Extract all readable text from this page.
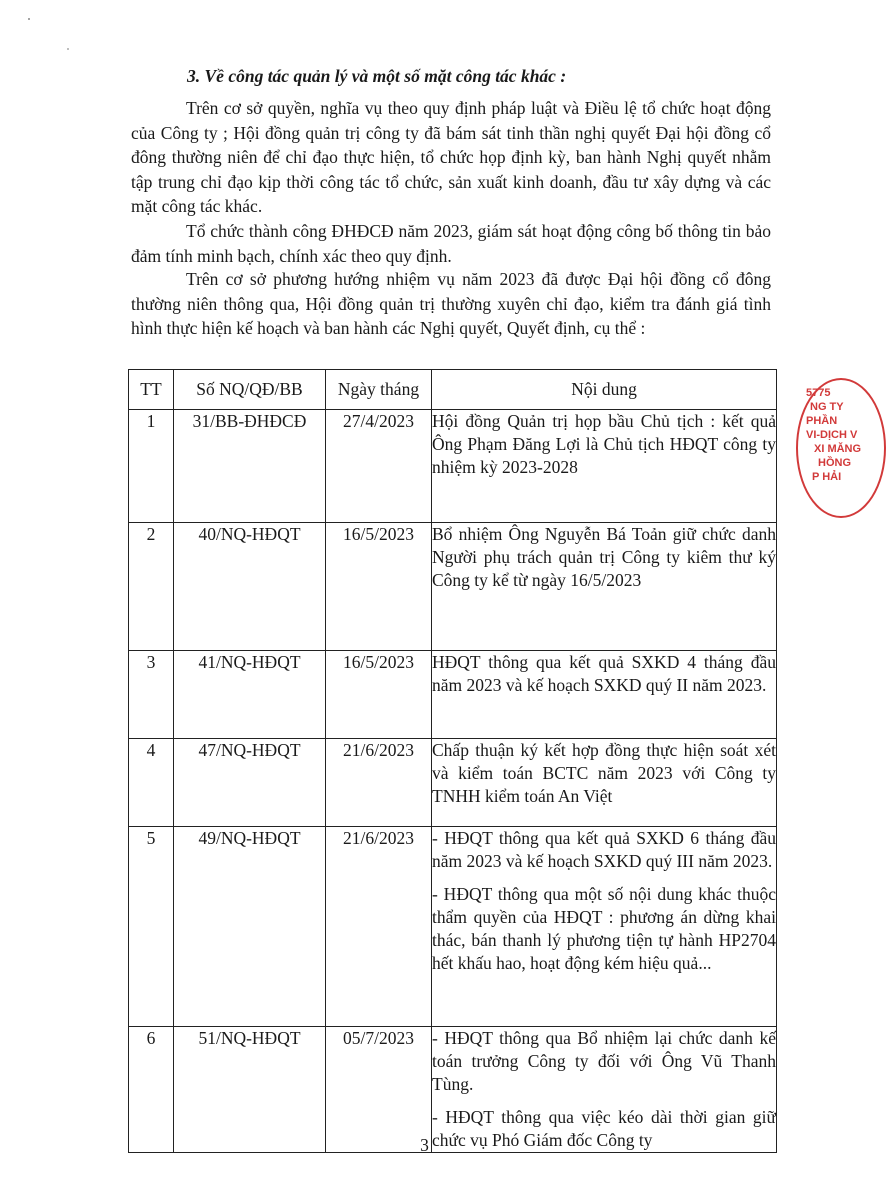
3. Về công tác quản lý và một số mặt công tác khác :

Trên cơ sở quyền, nghĩa vụ theo quy định pháp luật và Điều lệ tổ chức hoạt động của Công ty ; Hội đồng quản trị công ty đã bám sát tinh thần nghị quyết Đại hội đồng cổ đông thường niên để chỉ đạo thực hiện, tổ chức họp định kỳ, ban hành Nghị quyết nhằm tập trung chỉ đạo kịp thời công tác tổ chức, sản xuất kinh doanh, đầu tư xây dựng và các mặt công tác khác.

Tổ chức thành công ĐHĐCĐ năm 2023, giám sát hoạt động công bố thông tin bảo đảm tính minh bạch, chính xác theo quy định.

Trên cơ sở phương hướng nhiệm vụ năm 2023 đã được Đại hội đồng cổ đông thường niên thông qua, Hội đồng quản trị thường xuyên chỉ đạo, kiểm tra đánh giá tình hình thực hiện kế hoạch và ban hành các Nghị quyết, Quyết định, cụ thể :

TT	Số NQ/QĐ/BB	Ngày tháng	Nội dung
1	31/BB-ĐHĐCĐ	27/4/2023	Hội đồng Quản trị họp bầu Chủ tịch : kết quả Ông Phạm Đăng Lợi là Chủ tịch HĐQT công ty nhiệm kỳ 2023-2028

2	40/NQ-HĐQT	16/5/2023	Bổ nhiệm Ông Nguyễn Bá Toản giữ chức danh Người phụ trách quản trị Công ty kiêm thư ký Công ty kể từ ngày 16/5/2023

3	41/NQ-HĐQT	16/5/2023	HĐQT thông qua kết quả SXKD 4 tháng đầu năm 2023 và kế hoạch SXKD quý II năm 2023.

4	47/NQ-HĐQT	21/6/2023	Chấp thuận ký kết hợp đồng thực hiện soát xét và kiểm toán BCTC năm 2023 với Công ty TNHH kiểm toán An Việt

5	49/NQ-HĐQT	21/6/2023	- HĐQT thông qua kết quả SXKD 6 tháng đầu năm 2023 và kế hoạch SXKD quý III năm 2023.

- HĐQT thông qua một số nội dung khác thuộc thẩm quyền của HĐQT : phương án dừng khai thác, bán thanh lý phương tiện tự hành HP2704 hết khấu hao, hoạt động kém hiệu quả...

6	51/NQ-HĐQT	05/7/2023	- HĐQT thông qua Bổ nhiệm lại chức danh kế toán trưởng Công ty đối với Ông Vũ Thanh Tùng.

- HĐQT thông qua việc kéo dài thời gian giữ chức vụ Phó Giám đốc Công ty

5775
NG TY
PHẦN
VI-DỊCH V
XI MĂNG
HỒNG
P HẢI

3
